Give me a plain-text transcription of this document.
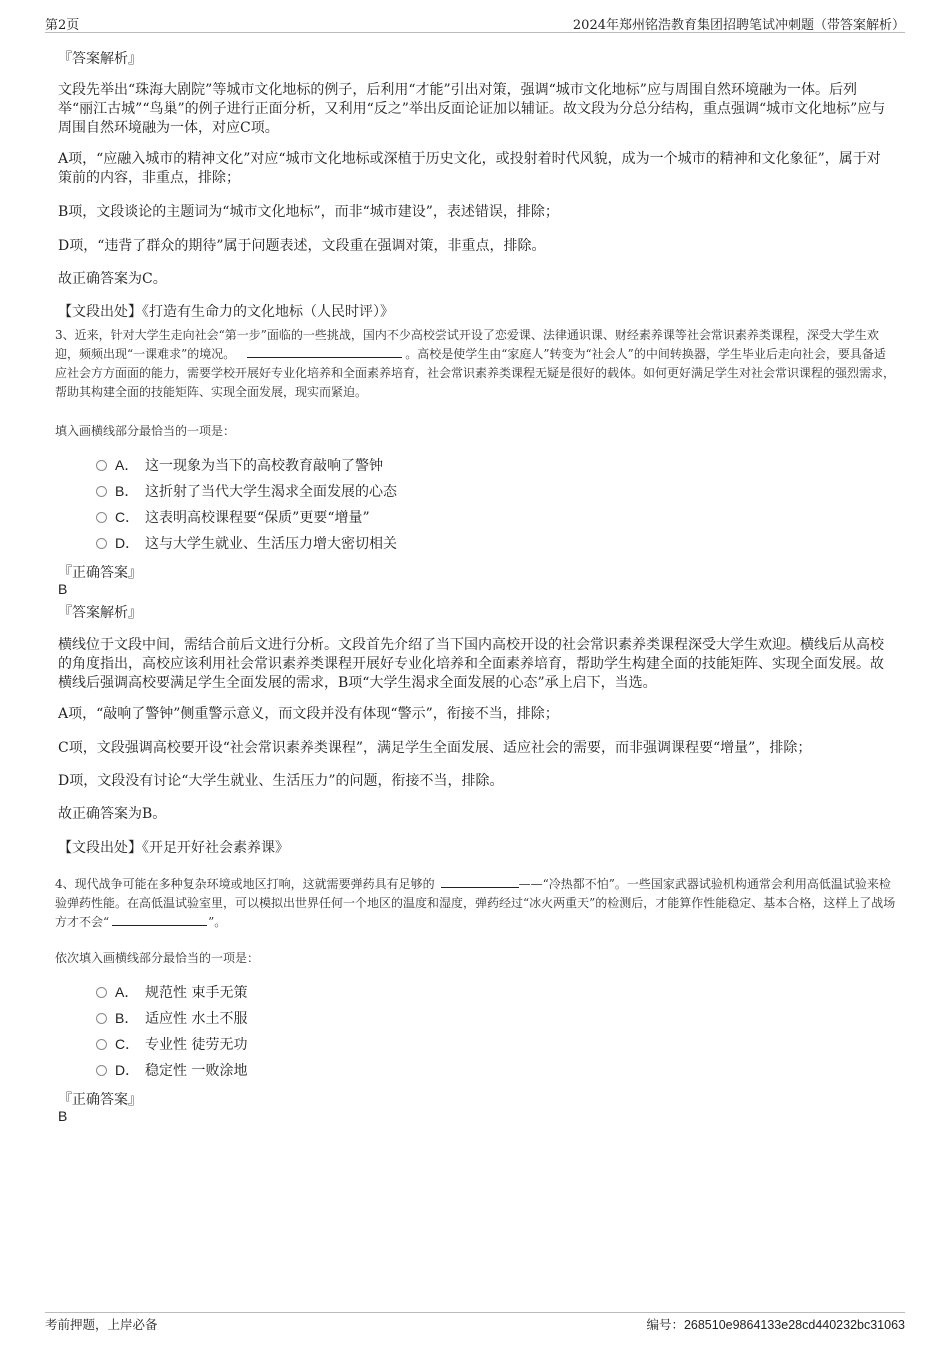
第2页	2024年郑州铭浩教育集团招聘笔试冲刺题（带答案解析）

『答案解析』

文段先举出“珠海大剧院”等城市文化地标的例子，后利用“才能”引出对策，强调“城市文化地标”应与周围自然环境融为一体。后列举“丽江古城”“鸟巢”的例子进行正面分析，又利用“反之”举出反面论证加以辅证。故文段为分总分结构，重点强调“城市文化地标”应与周围自然环境融为一体，对应C项。

A项，“应融入城市的精神文化”对应“城市文化地标或深植于历史文化，或投射着时代风貌，成为一个城市的精神和文化象征”，属于对策前的内容，非重点，排除；

B项，文段谈论的主题词为“城市文化地标”，而非“城市建设”，表述错误，排除；

D项，“违背了群众的期待”属于问题表述，文段重在强调对策，非重点，排除。

故正确答案为C。

【文段出处】《打造有生命力的文化地标（人民时评）》

3、近来，针对大学生走向社会“第一步”面临的一些挑战，国内不少高校尝试开设了恋爱课、法律通识课、财经素养课等社会常识素养类课程，深受大学生欢迎，频频出现“一课难求”的境况。	。高校是使学生由“家庭人”转变为“社会人”的中间转换器，学生毕业后走向社会，要具备适应社会方方面面的能力，需要学校开展好专业化培养和全面素养培育，社会常识素养类课程无疑是很好的载体。如何更好满足学生对社会常识课程的强烈需求，帮助其构建全面的技能矩阵、实现全面发展，现实而紧迫。

填入画横线部分最恰当的一项是：

A． 这一现象为当下的高校教育敲响了警钟
B． 这折射了当代大学生渴求全面发展的心态
C． 这表明高校课程要“保质”更要“增量”
D． 这与大学生就业、生活压力增大密切相关

『正确答案』

B

『答案解析』

横线位于文段中间，需结合前后文进行分析。文段首先介绍了当下国内高校开设的社会常识素养类课程深受大学生欢迎。横线后从高校的角度指出，高校应该利用社会常识素养类课程开展好专业化培养和全面素养培育，帮助学生构建全面的技能矩阵、实现全面发展。故横线后强调高校要满足学生全面发展的需求，B项“大学生渴求全面发展的心态”承上启下，当选。

A项，“敲响了警钟”侧重警示意义，而文段并没有体现“警示”，衔接不当，排除；

C项，文段强调高校要开设“社会常识素养类课程”，满足学生全面发展、适应社会的需要，而非强调课程要“增量”，排除；

D项，文段没有讨论“大学生就业、生活压力”的问题，衔接不当，排除。

故正确答案为B。

【文段出处】《开足开好社会素养课》

4、现代战争可能在多种复杂环境或地区打响，这就需要弹药具有足够的	——“冷热都不怕”。一些国家武器试验机构通常会利用高低温试验来检验弹药性能。在高低温试验室里，可以模拟出世界任何一个地区的温度和湿度，弹药经过“冰火两重天”的检测后，才能算作性能稳定、基本合格，这样上了战场方才不会“	”。

依次填入画横线部分最恰当的一项是：

A． 规范性 束手无策
B． 适应性 水土不服
C． 专业性 徒劳无功
D． 稳定性 一败涂地

『正确答案』

B

考前押题，上岸必备	编号：268510e9864133e28cd440232bc31063
